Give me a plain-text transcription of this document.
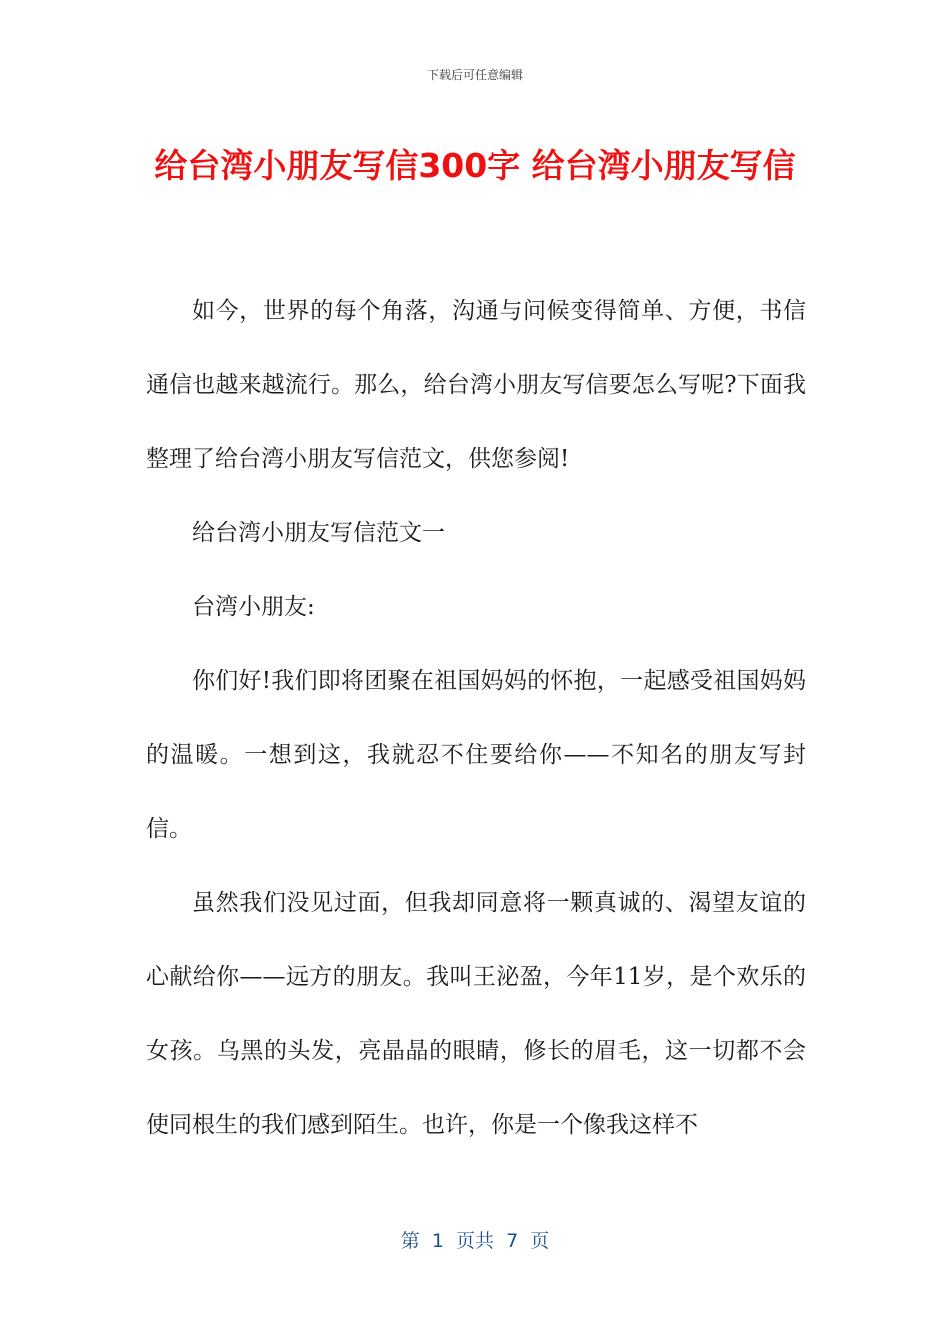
下载后可任意编辑
给台湾小朋友写信300字 给台湾小朋友写信

如今，世界的每个角落，沟通与问候变得简单、方便，书信通信也越来越流行。那么，给台湾小朋友写信要怎么写呢?下面我整理了给台湾小朋友写信范文，供您参阅!

给台湾小朋友写信范文一

台湾小朋友:

你们好!我们即将团聚在祖国妈妈的怀抱，一起感受祖国妈妈的温暖。一想到这，我就忍不住要给你——不知名的朋友写封信。

虽然我们没见过面，但我却同意将一颗真诚的、渴望友谊的心献给你——远方的朋友。我叫王泌盈，今年11岁，是个欢乐的女孩。乌黑的头发，亮晶晶的眼睛，修长的眉毛，这一切都不会使同根生的我们感到陌生。也许，你是一个像我这样不

第  1  页共  7  页
